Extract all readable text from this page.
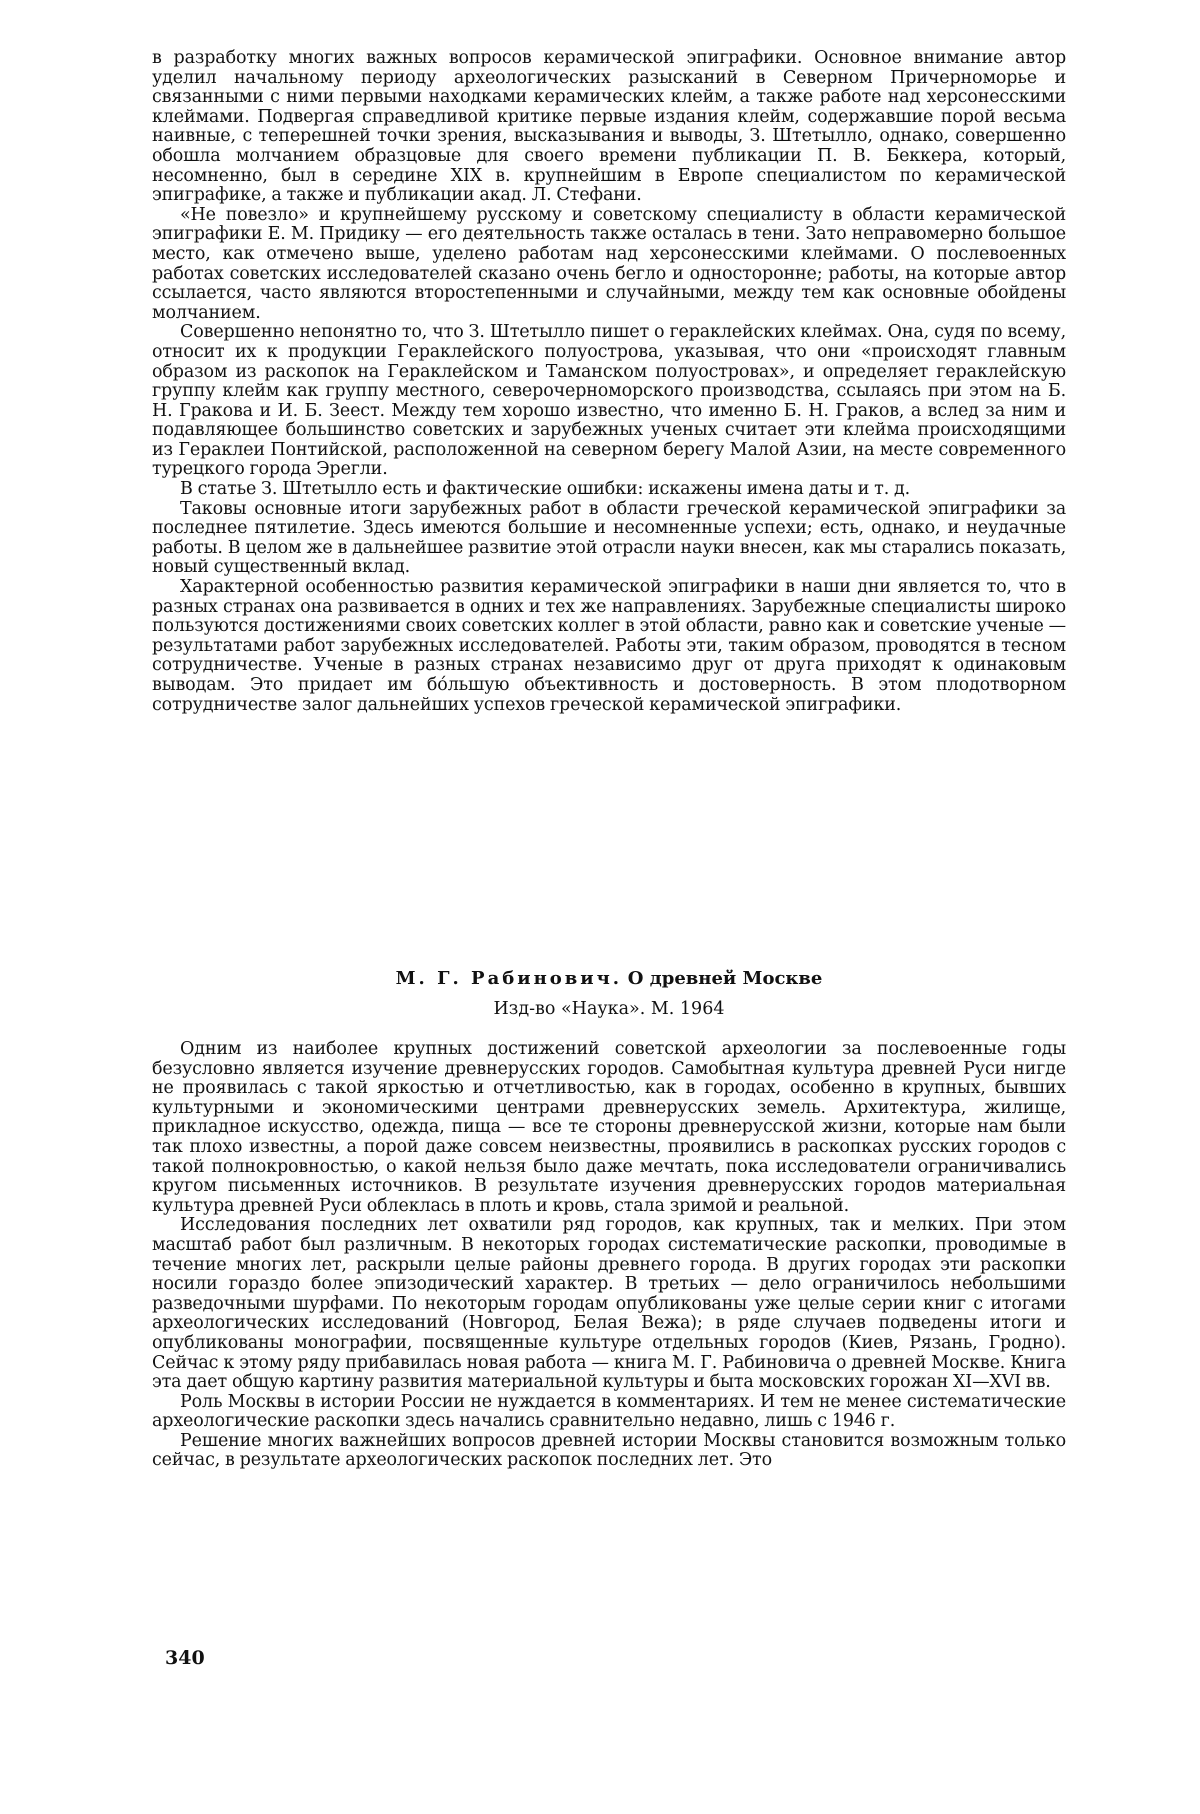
в разработку многих важных вопросов керамической эпиграфики. Основное внимание автор уделил начальному периоду археологических разысканий в Северном Причерноморье и связанными с ними первыми находками керамических клейм, а также работе над херсонесскими клеймами. Подвергая справедливой критике первые издания клейм, содержавшие порой весьма наивные, с теперешней точки зрения, высказывания и выводы, З. Штетылло, однако, совершенно обошла молчанием образцовые для своего времени публикации П. В. Беккера, который, несомненно, был в середине XIX в. крупнейшим в Европе специалистом по керамической эпиграфике, а также и публикации акад. Л. Стефани.

«Не повезло» и крупнейшему русскому и советскому специалисту в области керамической эпиграфики Е. М. Придику — его деятельность также осталась в тени. Зато неправомерно большое место, как отмечено выше, уделено работам над херсонесскими клеймами. О послевоенных работах советских исследователей сказано очень бегло и односторонне; работы, на которые автор ссылается, часто являются второстепенными и случайными, между тем как основные обойдены молчанием.

Совершенно непонятно то, что З. Штетылло пишет о гераклейских клеймах. Она, судя по всему, относит их к продукции Гераклейского полуострова, указывая, что они «происходят главным образом из раскопок на Гераклейском и Таманском полуостровах», и определяет гераклейскую группу клейм как группу местного, северочерноморского производства, ссылаясь при этом на Б. Н. Гракова и И. Б. Зеест. Между тем хорошо известно, что именно Б. Н. Граков, а вслед за ним и подавляющее большинство советских и зарубежных ученых считает эти клейма происходящими из Гераклеи Понтийской, расположенной на северном берегу Малой Азии, на месте современного турецкого города Эрегли.

В статье З. Штетылло есть и фактические ошибки: искажены имена даты и т. д.

Таковы основные итоги зарубежных работ в области греческой керамической эпиграфики за последнее пятилетие. Здесь имеются большие и несомненные успехи; есть, однако, и неудачные работы. В целом же в дальнейшее развитие этой отрасли науки внесен, как мы старались показать, новый существенный вклад.

Характерной особенностью развития керамической эпиграфики в наши дни является то, что в разных странах она развивается в одних и тех же направлениях. Зарубежные специалисты широко пользуются достижениями своих советских коллег в этой области, равно как и советские ученые — результатами работ зарубежных исследователей. Работы эти, таким образом, проводятся в тесном сотрудничестве. Ученые в разных странах независимо друг от друга приходят к одинаковым выводам. Это придает им бо́льшую объективность и достоверность. В этом плодотворном сотрудничестве залог дальнейших успехов греческой керамической эпиграфики.

М. Г. Рабинович. О древней Москве
Изд-во «Наука». М. 1964

Одним из наиболее крупных достижений советской археологии за послевоенные годы безусловно является изучение древнерусских городов. Самобытная культура древней Руси нигде не проявилась с такой яркостью и отчетливостью, как в городах, особенно в крупных, бывших культурными и экономическими центрами древнерусских земель. Архитектура, жилище, прикладное искусство, одежда, пища — все те стороны древнерусской жизни, которые нам были так плохо известны, а порой даже совсем неизвестны, проявились в раскопках русских городов с такой полнокровностью, о какой нельзя было даже мечтать, пока исследователи ограничивались кругом письменных источников. В результате изучения древнерусских городов материальная культура древней Руси облеклась в плоть и кровь, стала зримой и реальной.

Исследования последних лет охватили ряд городов, как крупных, так и мелких. При этом масштаб работ был различным. В некоторых городах систематические раскопки, проводимые в течение многих лет, раскрыли целые районы древнего города. В других городах эти раскопки носили гораздо более эпизодический характер. В третьих — дело ограничилось небольшими разведочными шурфами. По некоторым городам опубликованы уже целые серии книг с итогами археологических исследований (Новгород, Белая Вежа); в ряде случаев подведены итоги и опубликованы монографии, посвященные культуре отдельных городов (Киев, Рязань, Гродно). Сейчас к этому ряду прибавилась новая работа — книга М. Г. Рабиновича о древней Москве. Книга эта дает общую картину развития материальной культуры и быта московских горожан XI—XVI вв.

Роль Москвы в истории России не нуждается в комментариях. И тем не менее систематические археологические раскопки здесь начались сравнительно недавно, лишь с 1946 г.

Решение многих важнейших вопросов древней истории Москвы становится возможным только сейчас, в результате археологических раскопок последних лет. Это

340
